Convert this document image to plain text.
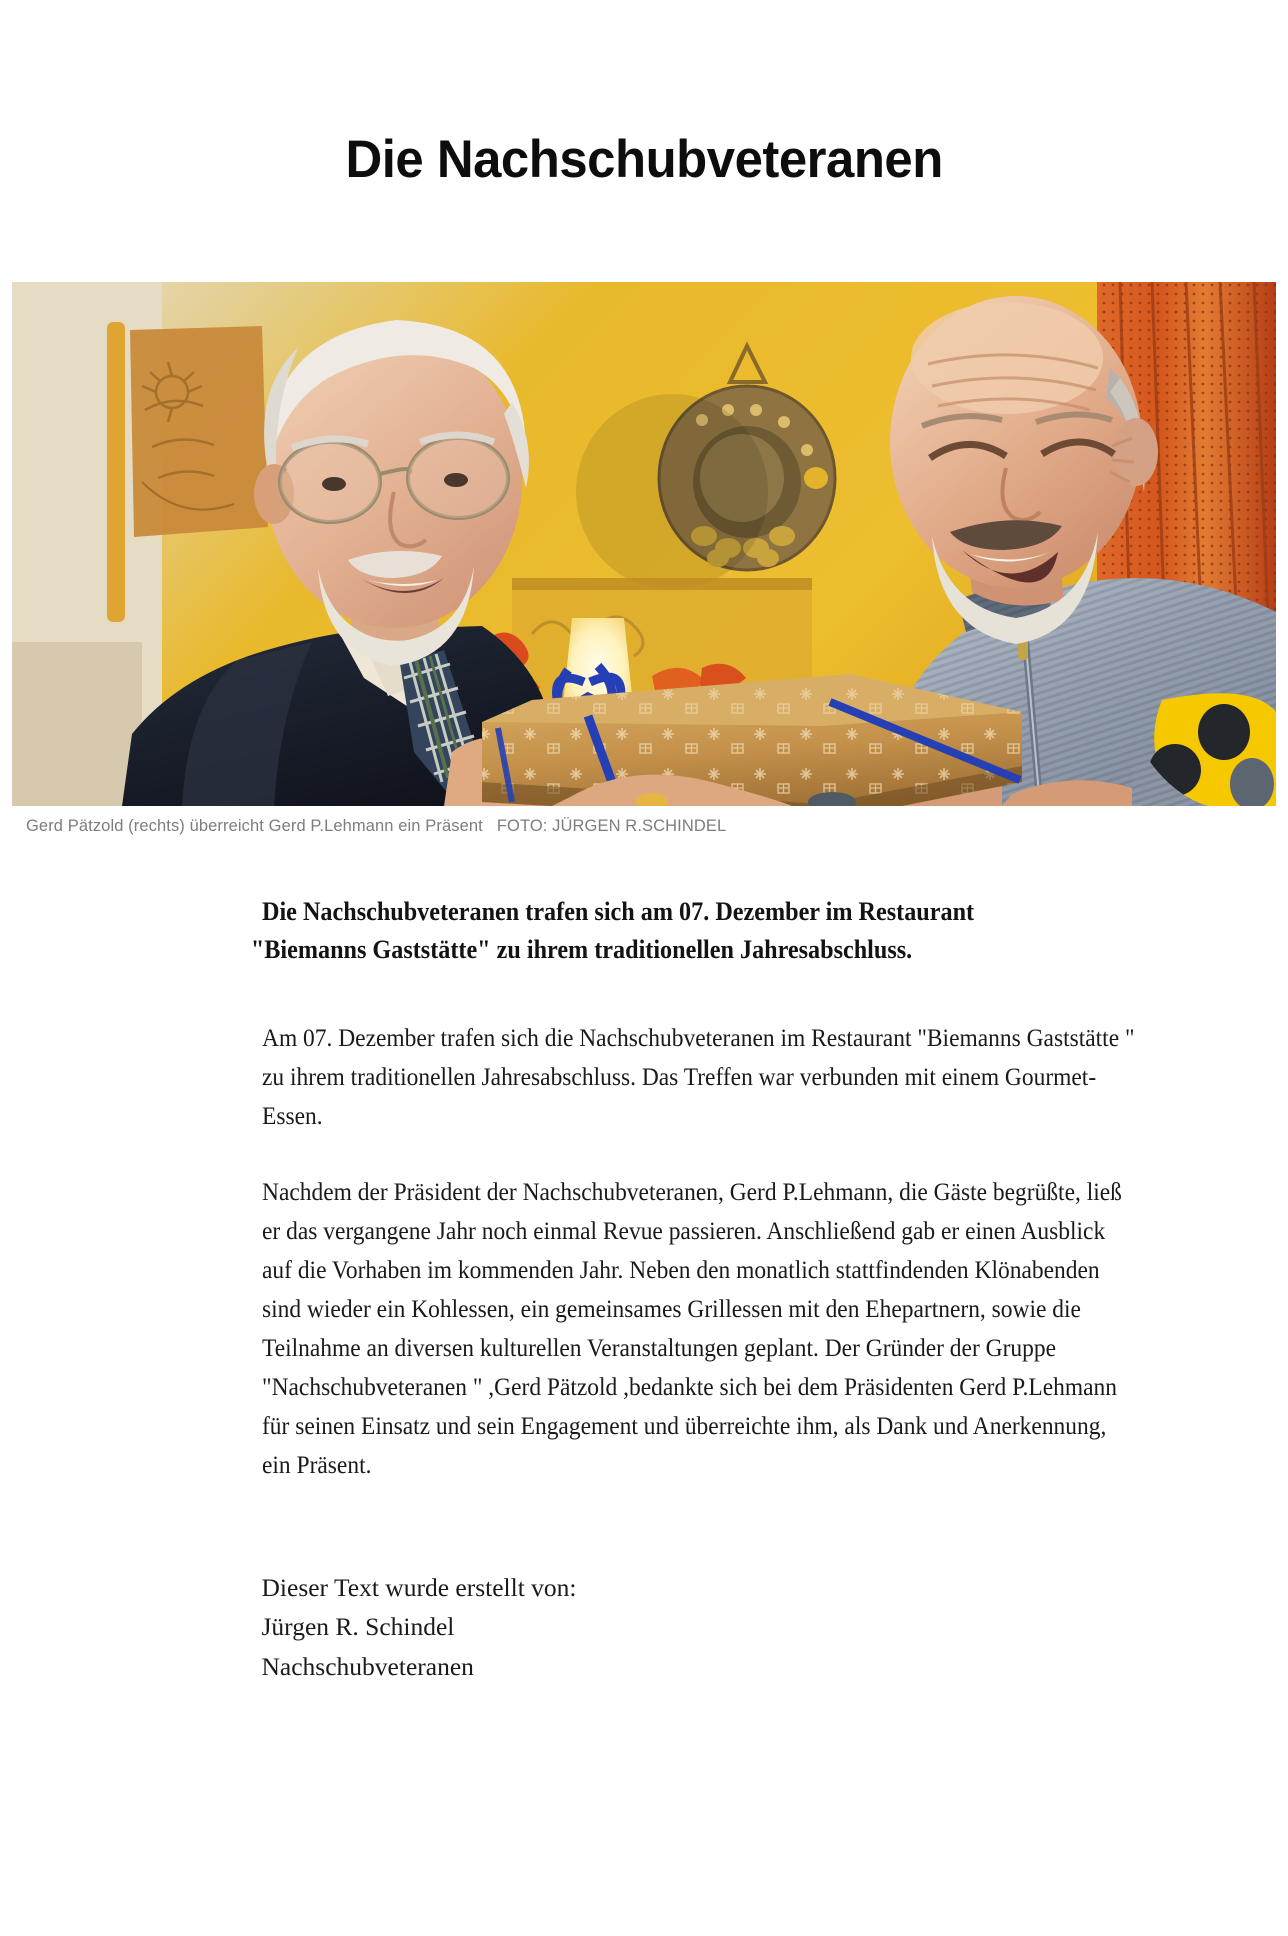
Die Nachschubveteranen
Gerd Pätzold (rechts) überreicht Gerd P.Lehmann ein Präsent   FOTO: JÜRGEN R.SCHINDEL

Die Nachschubveteranen trafen sich am 07. Dezember im Restaurant
"Biemanns Gaststätte" zu ihrem traditionellen Jahresabschluss.

Am 07. Dezember trafen sich die Nachschubveteranen im Restaurant "Biemanns Gaststätte " zu ihrem traditionellen Jahresabschluss. Das Treffen war verbunden mit einem Gourmet-Essen.

Nachdem der Präsident der Nachschubveteranen, Gerd P.Lehmann, die Gäste begrüßte, ließ er das vergangene Jahr noch einmal Revue passieren. Anschließend gab er einen Ausblick auf die Vorhaben im kommenden Jahr. Neben den monatlich stattfindenden Klönabenden sind wieder ein Kohlessen, ein gemeinsames Grillessen mit den Ehepartnern, sowie die Teilnahme an diversen kulturellen Veranstaltungen geplant. Der Gründer der Gruppe "Nachschubveteranen " ,Gerd Pätzold ,bedankte sich bei dem Präsidenten Gerd P.Lehmann für seinen Einsatz und sein Engagement und überreichte ihm, als Dank und Anerkennung, ein Präsent.

Dieser Text wurde erstellt von:
Jürgen R. Schindel
Nachschubveteranen
